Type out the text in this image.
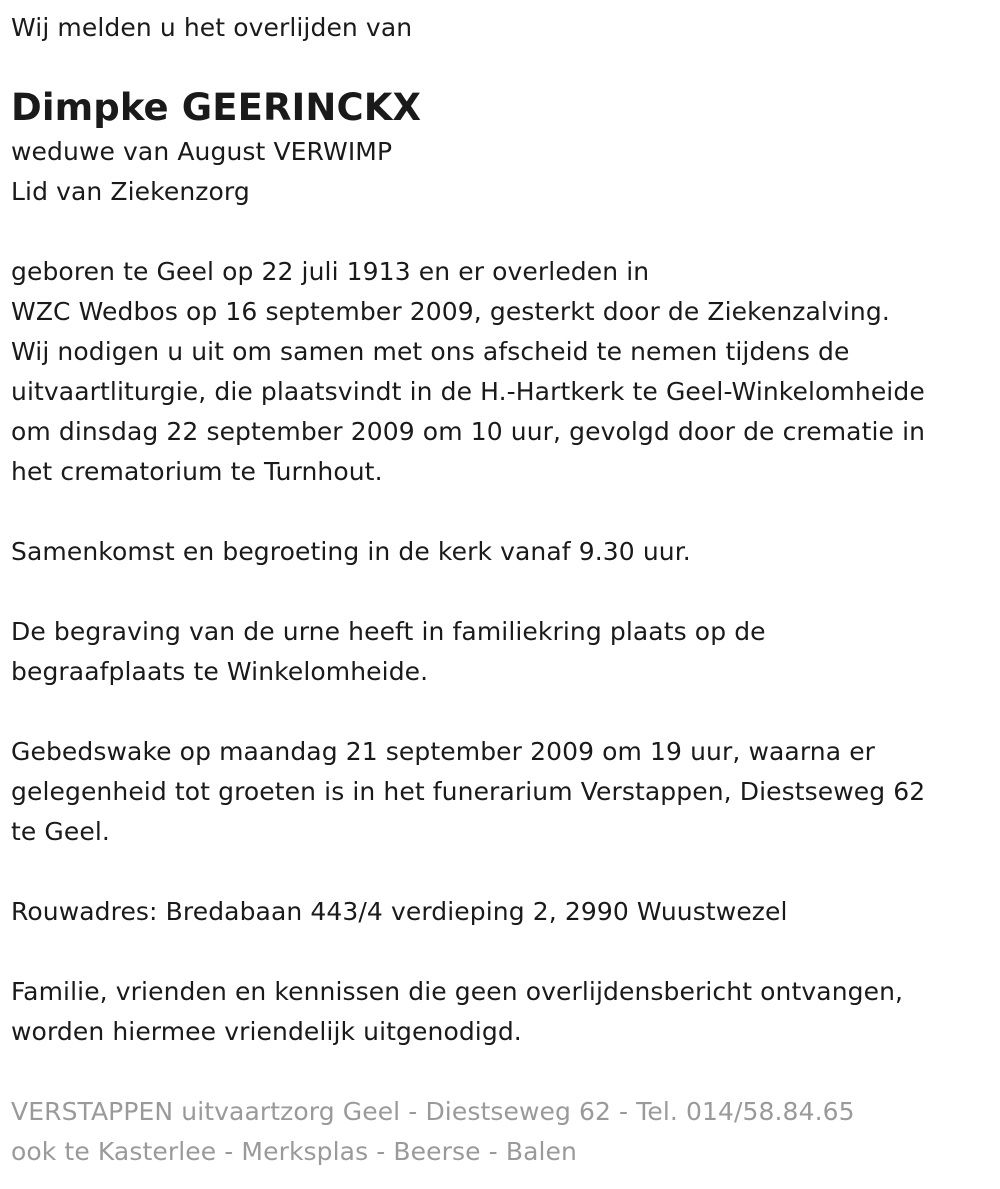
Wij melden u het overlijden van
Dimpke GEERINCKX
weduwe van August VERWIMP
Lid van Ziekenzorg
geboren te Geel op 22 juli 1913 en er overleden in
WZC Wedbos op 16 september 2009, gesterkt door de Ziekenzalving.
Wij nodigen u uit om samen met ons afscheid te nemen tijdens de
uitvaartliturgie, die plaatsvindt in de H.-Hartkerk te Geel-Winkelomheide
om dinsdag 22 september 2009 om 10 uur, gevolgd door de crematie in
het crematorium te Turnhout.
Samenkomst en begroeting in de kerk vanaf 9.30 uur.
De begraving van de urne heeft in familiekring plaats op de
begraafplaats te Winkelomheide.
Gebedswake op maandag 21 september 2009 om 19 uur, waarna er
gelegenheid tot groeten is in het funerarium Verstappen, Diestseweg 62
te Geel.
Rouwadres: Bredabaan 443/4 verdieping 2, 2990 Wuustwezel
Familie, vrienden en kennissen die geen overlijdensbericht ontvangen,
worden hiermee vriendelijk uitgenodigd.
VERSTAPPEN uitvaartzorg Geel - Diestseweg 62 - Tel. 014/58.84.65
ook te Kasterlee - Merksplas - Beerse - Balen
